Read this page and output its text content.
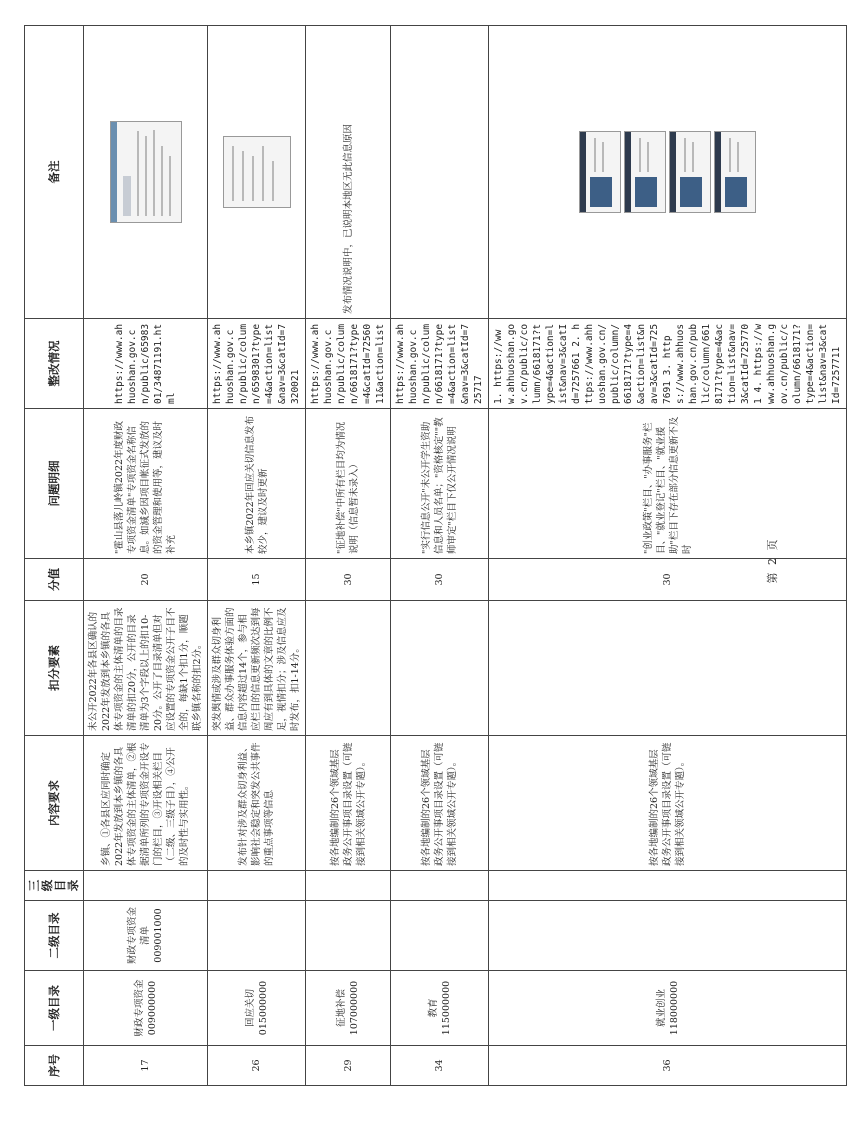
序号	一级目录	二级目录	三级目录	内容要求	扣分要素	分值	问题明细	整改情况	备注
17	财政专项资金 009000000	财政专项资金清单 009001000		乡镇、①各县区应同时确定2022年发放到本乡镇的各具体专项资金的主体清单，②根据清单所列的专项资金开设专门的栏目，③开设相关栏目（二级、三级子目），④公开的及时性与实用性。	未公开2022年各县区确认的2022年发放到本乡镇的各具体专项资金的主体清单的目录清单的扣20分，公开的目录清单为3个字段以上的扣10-20分。公开了目录清单但对应设置的专项资金公开子目不全的，每缺1个扣1分，顺题联乡镇名称的扣2分。	20	"霍山县落儿岭镇2022年度财政专项资金清单"专项资金名称信息。如減乡因项目帐征式发放的的资金管理和使用等，建议及时补充	https://www.ahhuoshan.gov.cn/public/6598301/34871191.html	

26	回应关切 015000000			发布针对涉及群众切身利益、影响社会稳定和突发公共事件的重点事项等信息	突发舆情或涉及群众切身利益、群众办事服务体验方面的信息内容超过14个，参与相应栏目的信息更新频次达到每周应有到具体的文章的比例不足，视情扣分；涉及信息应及时发布，扣1-14分。	15	本乡镇2022年回应关切信息发布较少，建议及时更新	https://www.ahhuoshan.gov.cn/public/column/6598301?type=4&action=list&nav=3&catId=7320021	

29	征地补偿 107000000			按各地编制的26个领域基层政务公开事项目录设置（可链接到相关领域公开专题）。		30	"征地补偿"中所有栏目均为情况说明（信息暂未录入）	https://www.ahhuoshan.gov.cn/public/column/6618171?type=4&catId=7256011&action=list	发布情况说明中，已说明本地区无此信息原因
34	教育 115000000			按各地编制的26个领域基层政务公开事项目录设置（可链接到相关领域公开专题）。		30	"实行信息公开"未公开学生资助信息和人员名单；"资格核定""教师审定"栏目下仅公开情况说明	https://www.ahhuoshan.gov.cn/public/column/6618171?type=4&action=list&nav=3&catId=725717	
36	就业创业 118000000			按各地编制的26个领域基层政务公开事项目录设置（可链接到相关领域公开专题）。		30	"创业政策"栏目、"办事服务"栏目、"就业登记"栏目、"就业援助"栏目下存在部分信息更新不及时	1. https://www.ahhuoshan.gov.cn/public/column/6618171?type=4&action=list&nav=3&catId=7257661 2. https://www.ahhuoshan.gov.cn/public/column/6618171?type=4&action=list&nav=3&catId=7257691 3. https://www.ahhuoshan.gov.cn/public/column/6618171?type=4&action=list&nav=3&catId=7257701 4. https://www.ahhuoshan.gov.cn/public/column/6618171?type=4&action=list&nav=3&catId=7257711	
第 2 页
